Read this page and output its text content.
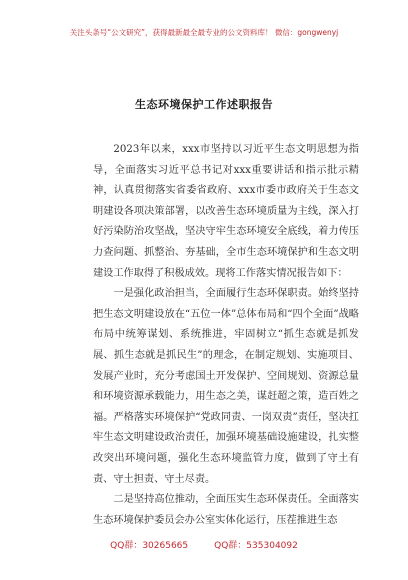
关注头条号“公文研究”，获得最新最全最专业的公文资料库！ 微信：gongwenyj
生态环境保护工作述职报告

2023年以来，xxx市坚持以习近平生态文明思想为指导，全面落实习近平总书记对xxx重要讲话和指示批示精神，认真贯彻落实省委省政府、xxx市委市政府关于生态文明建设各项决策部署，以改善生态环境质量为主线，深入打好污染防治攻坚战，坚决守牢生态环境安全底线，着力传压力查问题、抓整治、夯基础，全市生态环境保护和生态文明建设工作取得了积极成效。现将工作落实情况报告如下：

一是强化政治担当，全面履行生态环保职责。始终坚持把生态文明建设放在“五位一体”总体布局和“四个全面”战略布局中统筹谋划、系统推进，牢固树立“抓生态就是抓发展、抓生态就是抓民生”的理念，在制定规划、实施项目、发展产业时，充分考虑国土开发保护、空间规划、资源总量和环境资源承载能力，用生态之美，谋赶超之策，造百姓之福。严格落实环境保护“党政同责、一岗双责”责任，坚决扛牢生态文明建设政治责任，加强环境基础设施建设，扎实整改突出环境问题，强化生态环境监管力度，做到了守土有责、守土担责、守土尽责。

二是坚持高位推动，全面压实生态环保责任。全面落实生态环境保护委员会办公室实体化运行，压茬推进生态

QQ群：30265665	QQ群：535304092
